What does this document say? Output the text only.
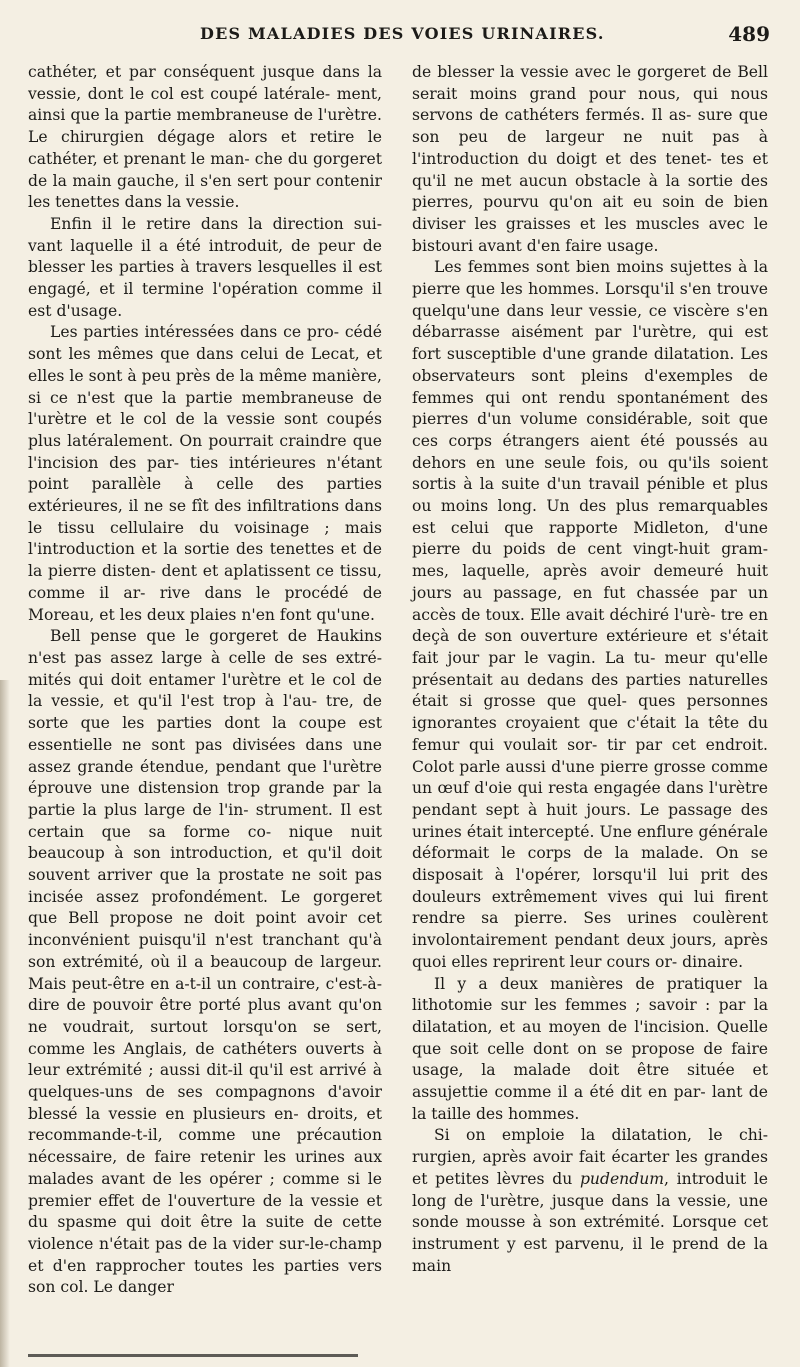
DES MALADIES DES VOIES URINAIRES.	489

cathéter, et par conséquent jusque dans la vessie, dont le col est coupé latérale- ment, ainsi que la partie membraneuse de l'urètre. Le chirurgien dégage alors et retire le cathéter, et prenant le man- che du gorgeret de la main gauche, il s'en sert pour contenir les tenettes dans la vessie.

Enfin il le retire dans la direction sui- vant laquelle il a été introduit, de peur de blesser les parties à travers lesquelles il est engagé, et il termine l'opération comme il est d'usage.

Les parties intéressées dans ce pro- cédé sont les mêmes que dans celui de Lecat, et elles le sont à peu près de la même manière, si ce n'est que la partie membraneuse de l'urètre et le col de la vessie sont coupés plus latéralement. On pourrait craindre que l'incision des par- ties intérieures n'étant point parallèle à celle des parties extérieures, il ne se fît des infiltrations dans le tissu cellulaire du voisinage ; mais l'introduction et la sortie des tenettes et de la pierre disten- dent et aplatissent ce tissu, comme il ar- rive dans le procédé de Moreau, et les deux plaies n'en font qu'une.

Bell pense que le gorgeret de Haukins n'est pas assez large à celle de ses extré- mités qui doit entamer l'urètre et le col de la vessie, et qu'il l'est trop à l'au- tre, de sorte que les parties dont la coupe est essentielle ne sont pas divisées dans une assez grande étendue, pendant que l'urètre éprouve une distension trop grande par la partie la plus large de l'in- strument. Il est certain que sa forme co- nique nuit beaucoup à son introduction, et qu'il doit souvent arriver que la prostate ne soit pas incisée assez profondément. Le gorgeret que Bell propose ne doit point avoir cet inconvénient puisqu'il n'est tranchant qu'à son extrémité, où il a beaucoup de largeur. Mais peut-être en a-t-il un contraire, c'est-à-dire de pouvoir être porté plus avant qu'on ne voudrait, surtout lorsqu'on se sert, comme les Anglais, de cathéters ouverts à leur extrémité ; aussi dit-il qu'il est arrivé à quelques-uns de ses compagnons d'avoir blessé la vessie en plusieurs en- droits, et recommande-t-il, comme une précaution nécessaire, de faire retenir les urines aux malades avant de les opérer ; comme si le premier effet de l'ouverture de la vessie et du spasme qui doit être la suite de cette violence n'était pas de la vider sur-le-champ et d'en rapprocher toutes les parties vers son col. Le danger

de blesser la vessie avec le gorgeret de Bell serait moins grand pour nous, qui nous servons de cathéters fermés. Il as- sure que son peu de largeur ne nuit pas à l'introduction du doigt et des tenet- tes et qu'il ne met aucun obstacle à la sortie des pierres, pourvu qu'on ait eu soin de bien diviser les graisses et les muscles avec le bistouri avant d'en faire usage.

Les femmes sont bien moins sujettes à la pierre que les hommes. Lorsqu'il s'en trouve quelqu'une dans leur vessie, ce viscère s'en débarrasse aisément par l'urètre, qui est fort susceptible d'une grande dilatation. Les observateurs sont pleins d'exemples de femmes qui ont rendu spontanément des pierres d'un volume considérable, soit que ces corps étrangers aient été poussés au dehors en une seule fois, ou qu'ils soient sortis à la suite d'un travail pénible et plus ou moins long. Un des plus remarquables est celui que rapporte Midleton, d'une pierre du poids de cent vingt-huit gram- mes, laquelle, après avoir demeuré huit jours au passage, en fut chassée par un accès de toux. Elle avait déchiré l'urè- tre en deçà de son ouverture extérieure et s'était fait jour par le vagin. La tu- meur qu'elle présentait au dedans des parties naturelles était si grosse que quel- ques personnes ignorantes croyaient que c'était la tête du femur qui voulait sor- tir par cet endroit. Colot parle aussi d'une pierre grosse comme un œuf d'oie qui resta engagée dans l'urètre pendant sept à huit jours. Le passage des urines était intercepté. Une enflure générale déformait le corps de la malade. On se disposait à l'opérer, lorsqu'il lui prit des douleurs extrêmement vives qui lui firent rendre sa pierre. Ses urines coulèrent involontairement pendant deux jours, après quoi elles reprirent leur cours or- dinaire.

Il y a deux manières de pratiquer la lithotomie sur les femmes ; savoir : par la dilatation, et au moyen de l'incision. Quelle que soit celle dont on se propose de faire usage, la malade doit être située et assujettie comme il a été dit en par- lant de la taille des hommes.

Si on emploie la dilatation, le chi- rurgien, après avoir fait écarter les grandes et petites lèvres du pudendum, introduit le long de l'urètre, jusque dans la vessie, une sonde mousse à son extrémité. Lorsque cet instrument y est parvenu, il le prend de la main
